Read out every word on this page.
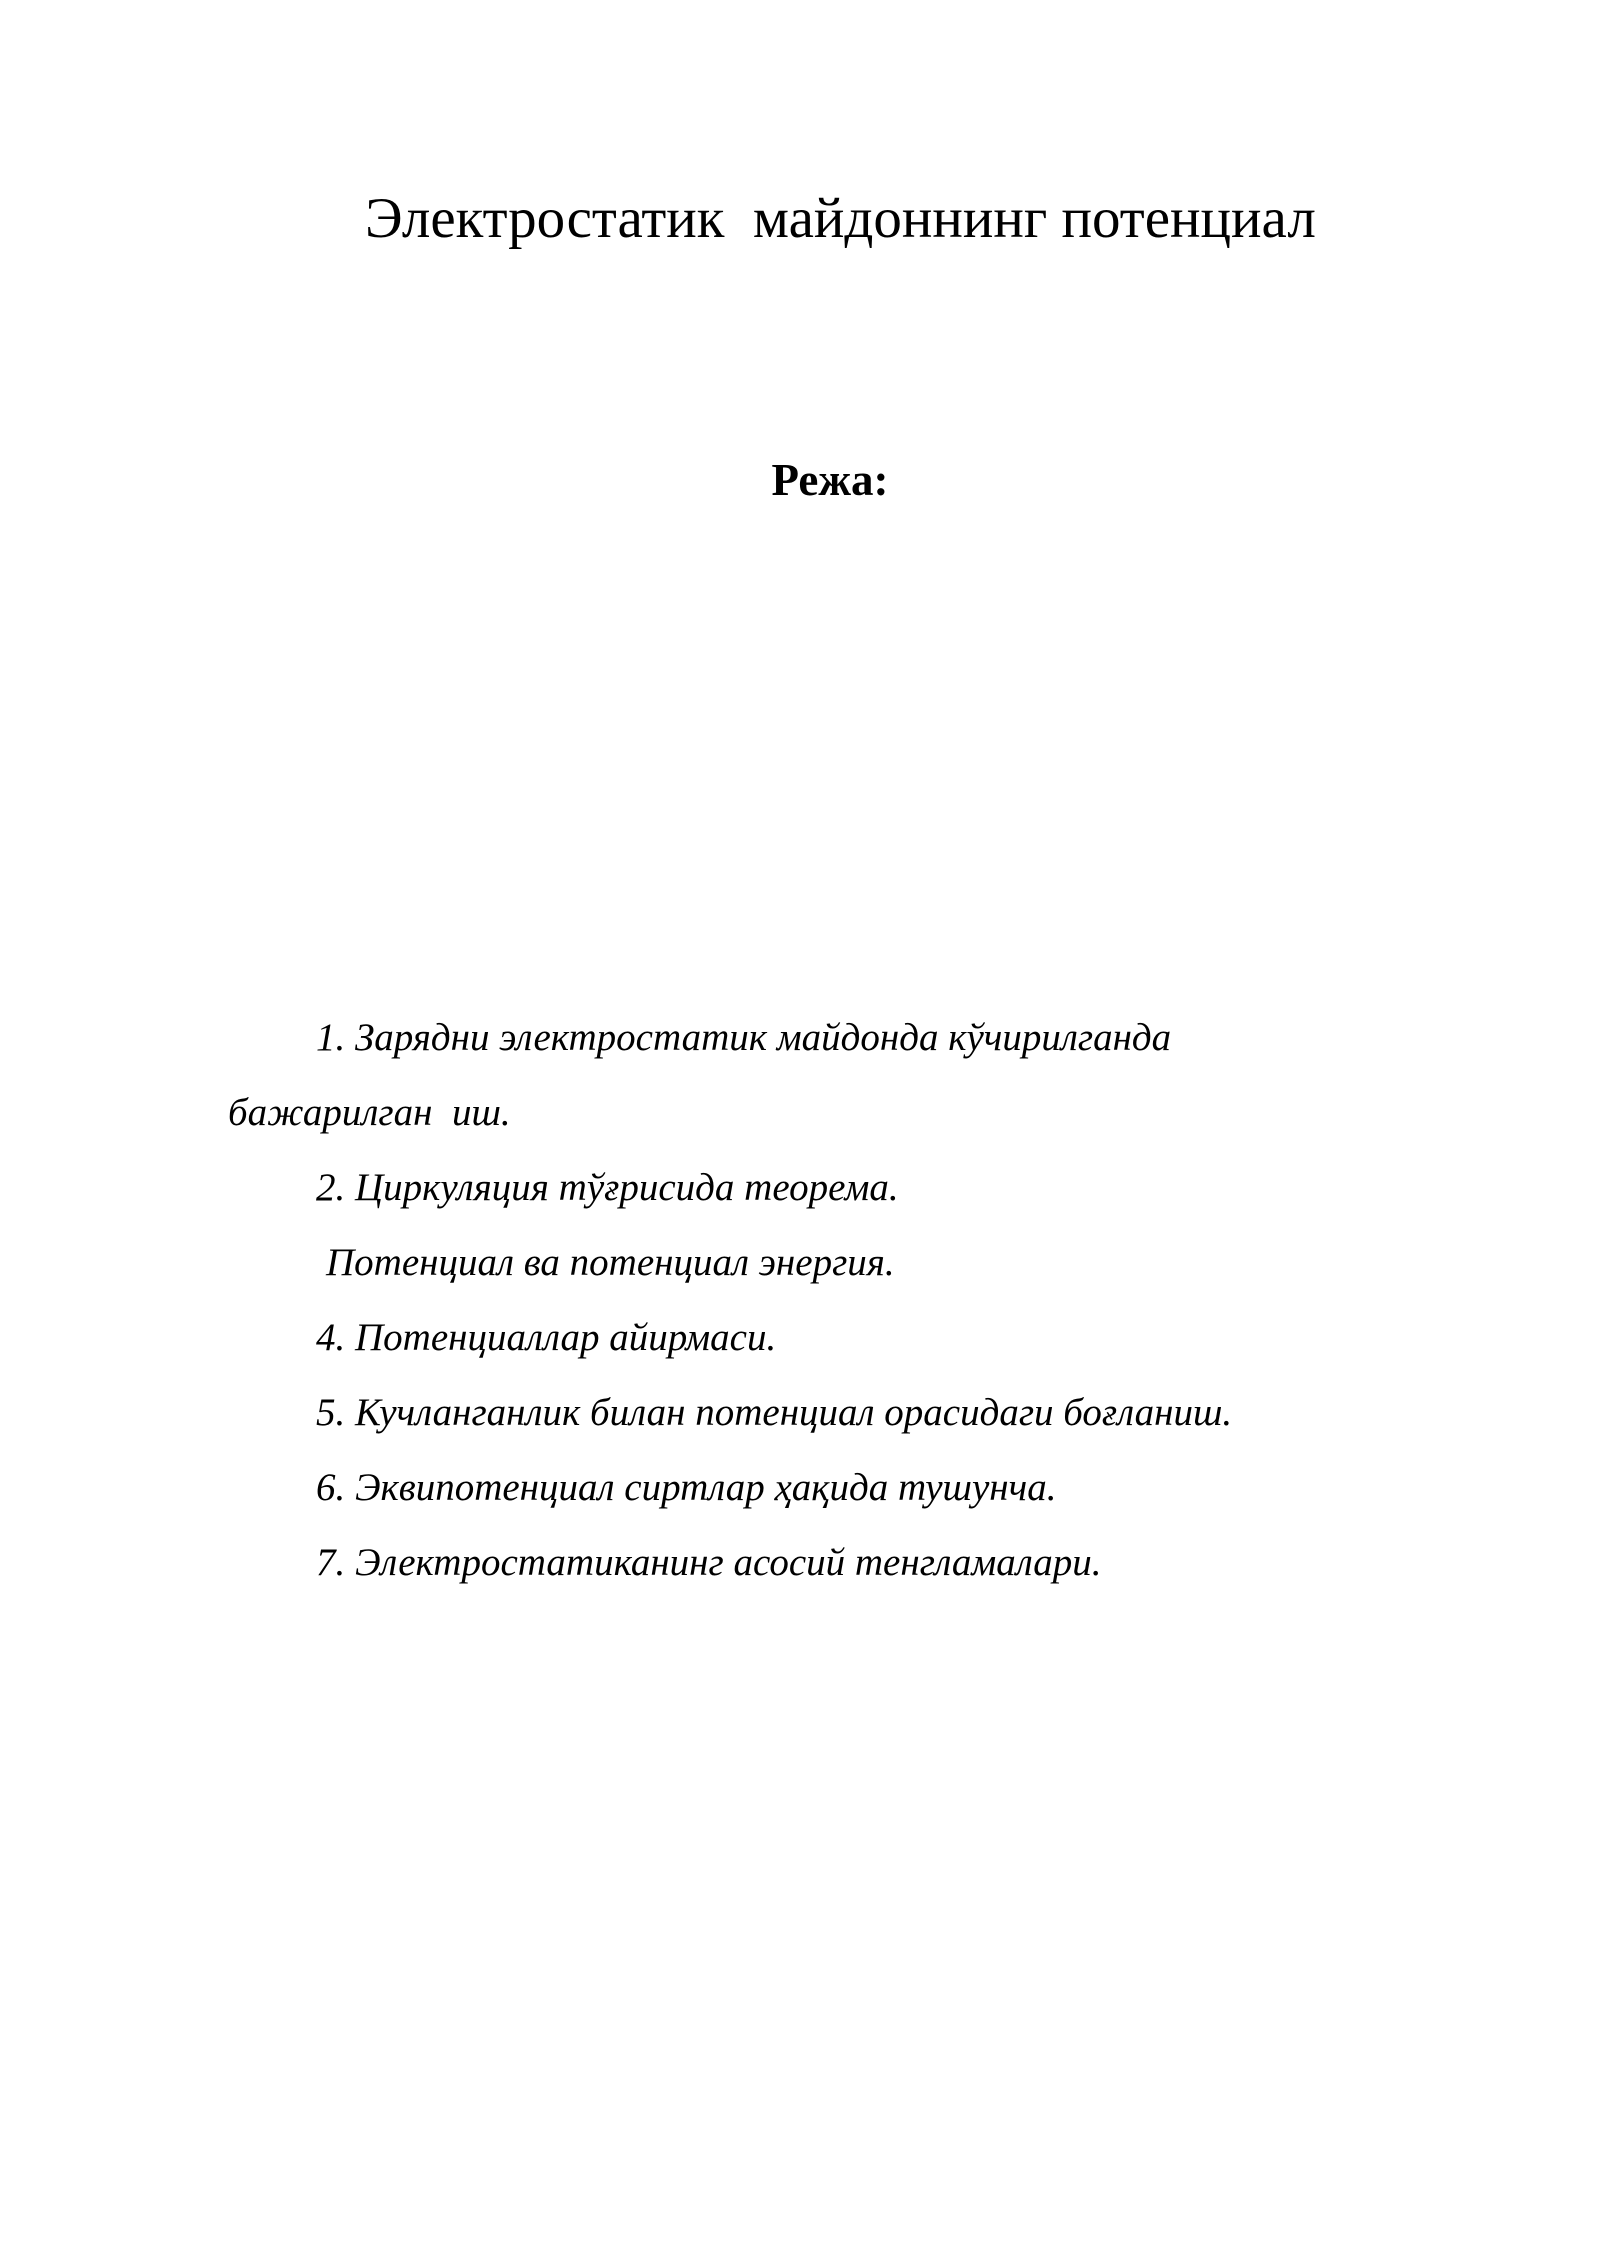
Электростатик  майдоннинг потенциал
Режа:
1. Зарядни электростатик майдонда кўчирилганда
бажарилган  иш.
2. Циркуляция тўғрисида теорема.
Потенциал ва потенциал энергия.
4. Потенциаллар айирмаси.
5. Кучланганлик билан потенциал орасидаги боғланиш.
6. Эквипотенциал сиртлар ҳақида тушунча.
7. Электростатиканинг асосий тенгламалари.
